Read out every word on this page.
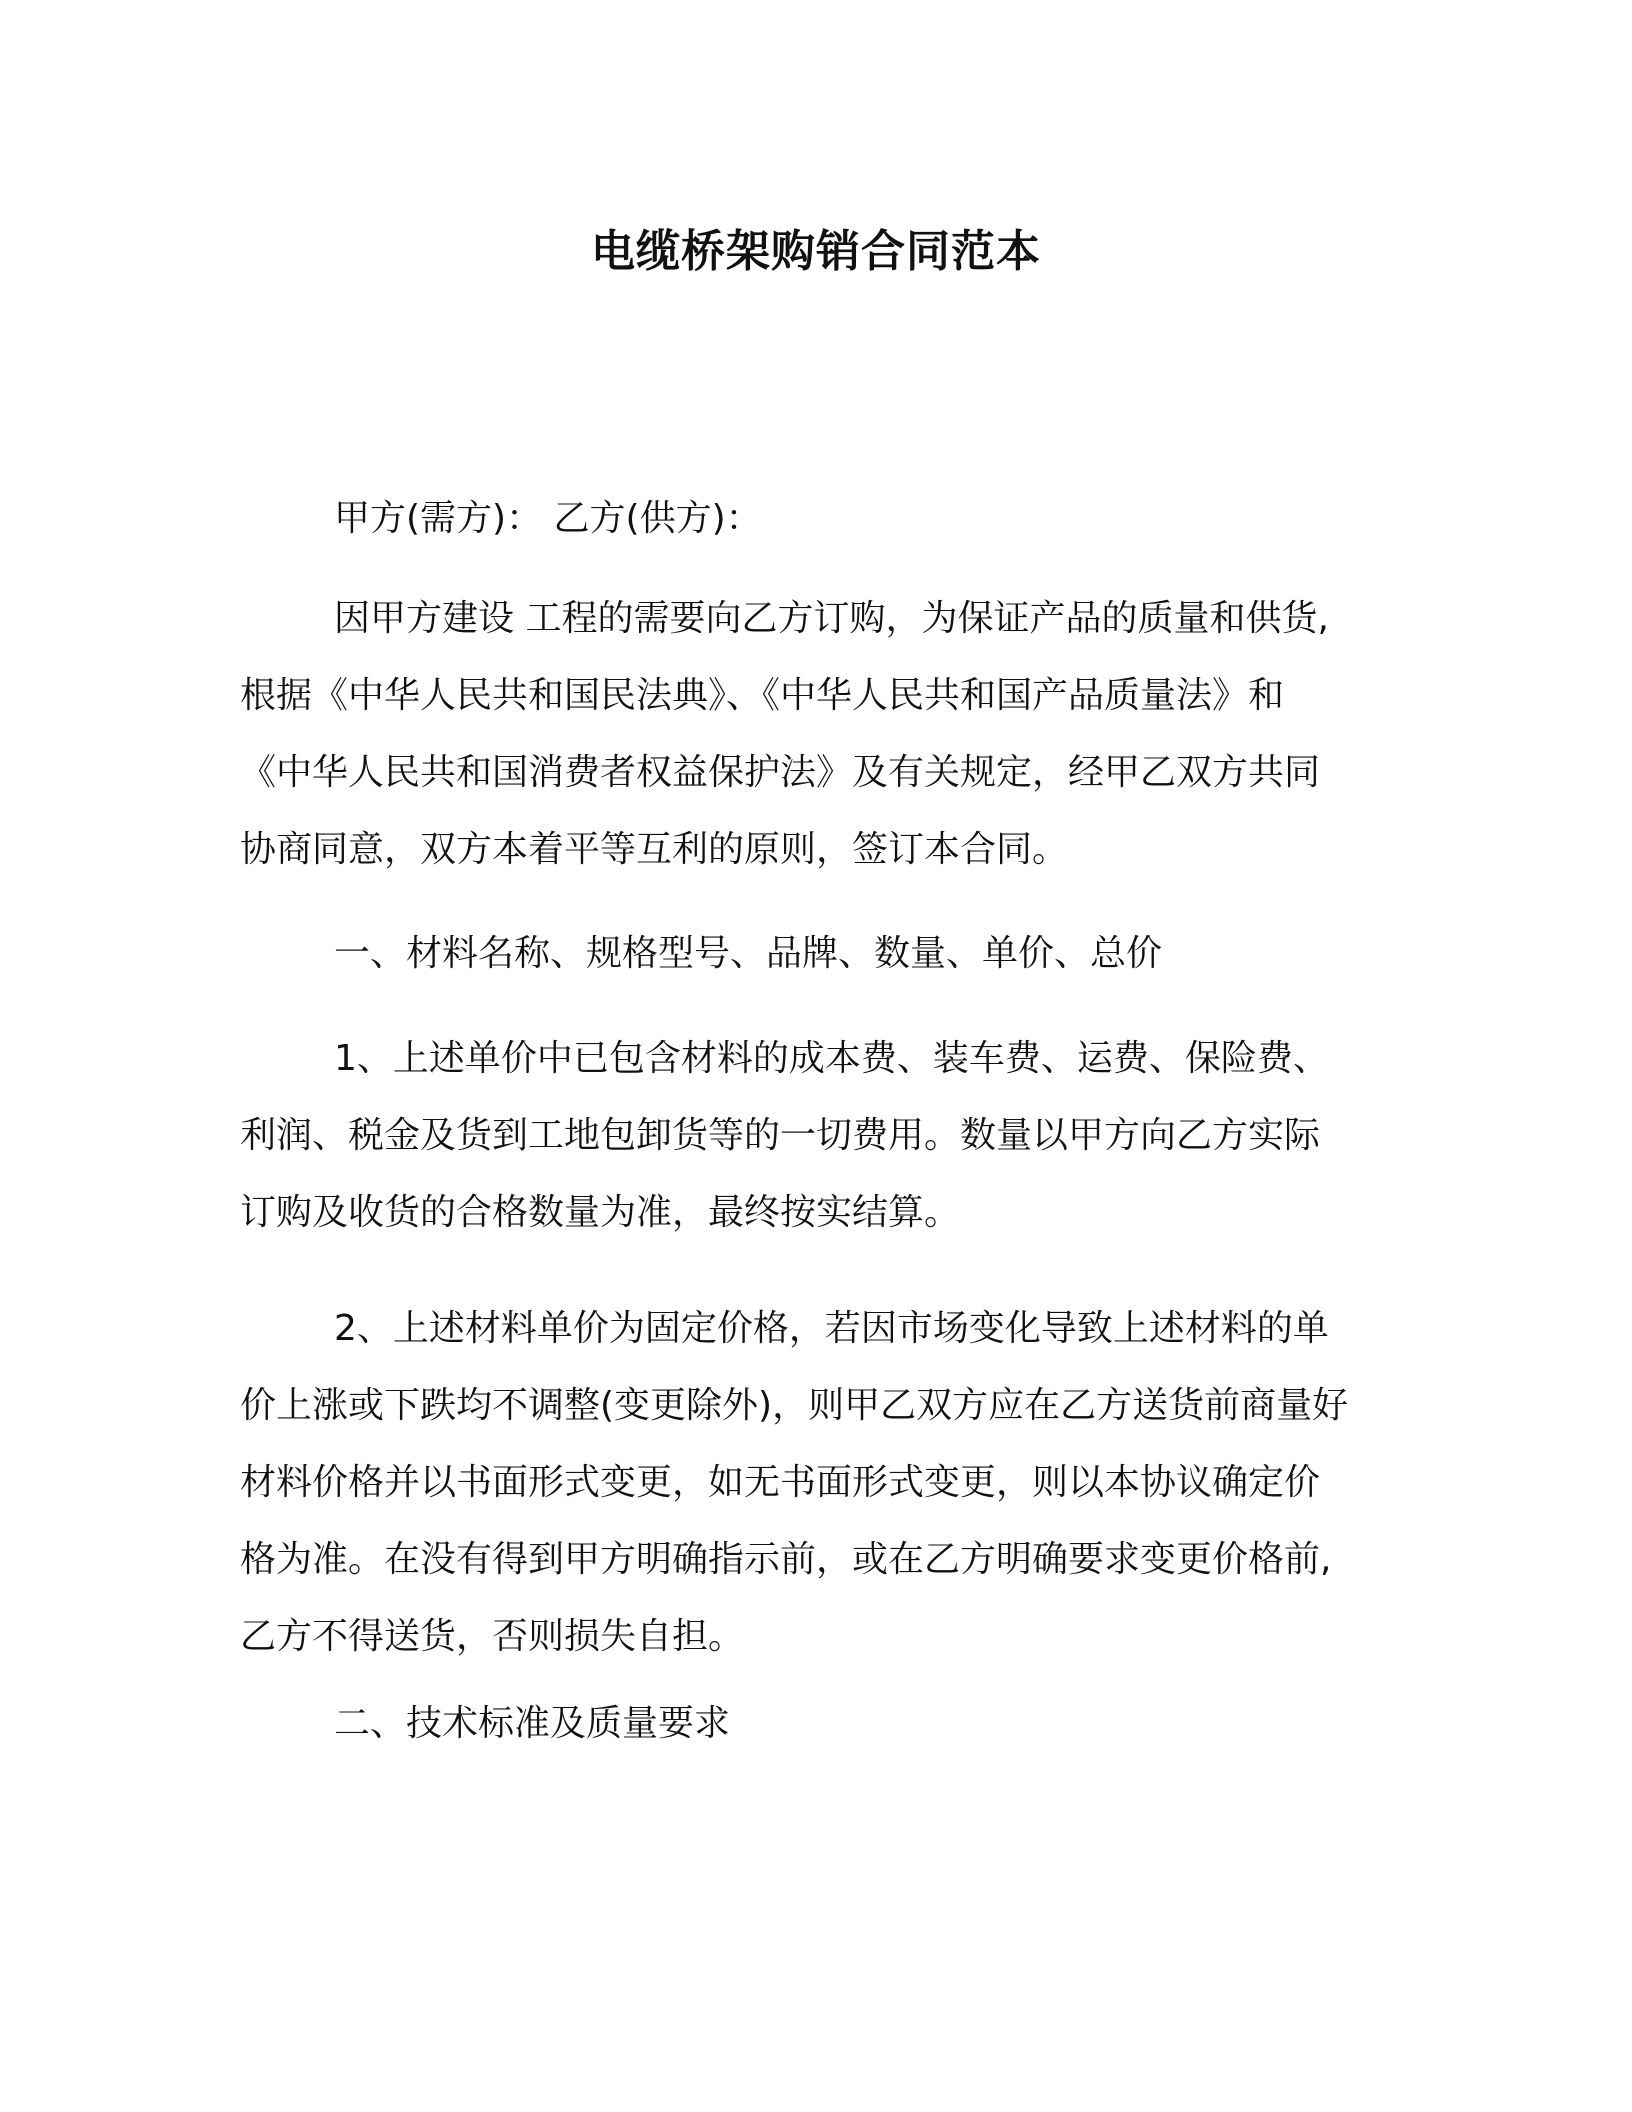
电缆桥架购销合同范本
甲方(需方)： 乙方(供方)：
因甲方建设 工程的需要向乙方订购，为保证产品的质量和供货,
根据《中华人民共和国民法典》、《中华人民共和国产品质量法》和
《中华人民共和国消费者权益保护法》及有关规定，经甲乙双方共同
协商同意，双方本着平等互利的原则，签订本合同。
一、材料名称、规格型号、品牌、数量、单价、总价
1、上述单价中已包含材料的成本费、装车费、运费、保险费、
利润、税金及货到工地包卸货等的一切费用。数量以甲方向乙方实际
订购及收货的合格数量为准，最终按实结算。
2、上述材料单价为固定价格，若因市场变化导致上述材料的单
价上涨或下跌均不调整(变更除外)，则甲乙双方应在乙方送货前商量好
材料价格并以书面形式变更，如无书面形式变更，则以本协议确定价
格为准。在没有得到甲方明确指示前，或在乙方明确要求变更价格前,
乙方不得送货，否则损失自担。
二、技术标准及质量要求
